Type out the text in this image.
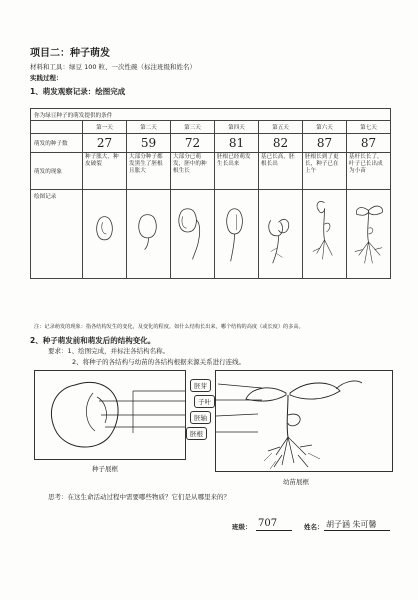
项目二：种子萌发
材料和工具：绿豆 100 粒、一次性碗（标注班级和姓名）
实践过程：
1、萌发观察记录：绘图完成
你为绿豆种子的萌发提供的条件							
	第一天	第二天	第三天	第四天	第五天	第六天	第七天
萌发的种子数	27	59	72	81	82	87	87
萌发的现象	种子胀大，种皮破裂	大部分种子都发黑生了胚根且胀大	大部分已萌发，胚中的种根生长	胚根已经萌发生长出来	基已长高，胚根长出	胚根长到了更长，种子已在上午	基杆长长了，叶子已长出成为小苗
绘图记录							
注：记录萌发的现象：指各结构发生的变化，及变化的程度。如什么结构长出来，哪个结构的高度（或长度）的多高。
2、种子萌发前和萌发后的结构变化。
要求：1、绘图完成，并标注各结构名称。
2、将种子的各结构与幼苗的各结构根据来源关系进行连线。
种子展框
胚芽
子叶
胚轴
胚根
幼苗展框
思考：在这生命活动过程中需要哪些物质？它们是从哪里来的？
班级： 707	姓名： 胡子涵 朱可馨
